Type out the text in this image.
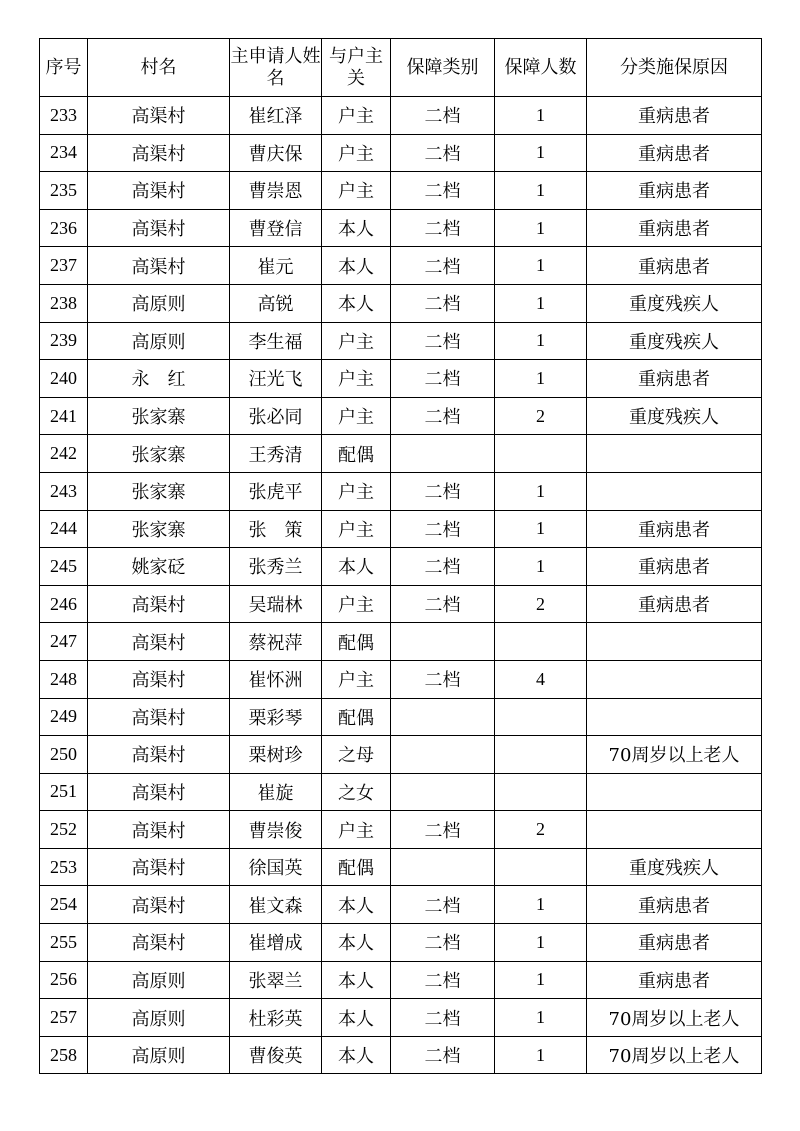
序号	村名	主申请人姓名	与户主关	保障类别	保障人数	分类施保原因
233	高渠村	崔红泽	户主	二档	1	重病患者
234	高渠村	曹庆保	户主	二档	1	重病患者
235	高渠村	曹崇恩	户主	二档	1	重病患者
236	高渠村	曹登信	本人	二档	1	重病患者
237	高渠村	崔元	本人	二档	1	重病患者
238	高原则	高锐	本人	二档	1	重度残疾人
239	高原则	李生福	户主	二档	1	重度残疾人
240	永　红	汪光飞	户主	二档	1	重病患者
241	张家寨	张必同	户主	二档	2	重度残疾人
242	张家寨	王秀清	配偶			
243	张家寨	张虎平	户主	二档	1	
244	张家寨	张　策	户主	二档	1	重病患者
245	姚家砭	张秀兰	本人	二档	1	重病患者
246	高渠村	吴瑞林	户主	二档	2	重病患者
247	高渠村	蔡祝萍	配偶			
248	高渠村	崔怀洲	户主	二档	4	
249	高渠村	栗彩琴	配偶			
250	高渠村	栗树珍	之母			70周岁以上老人
251	高渠村	崔旋	之女			
252	高渠村	曹崇俊	户主	二档	2	
253	高渠村	徐国英	配偶			重度残疾人
254	高渠村	崔文森	本人	二档	1	重病患者
255	高渠村	崔增成	本人	二档	1	重病患者
256	高原则	张翠兰	本人	二档	1	重病患者
257	高原则	杜彩英	本人	二档	1	70周岁以上老人
258	高原则	曹俊英	本人	二档	1	70周岁以上老人
